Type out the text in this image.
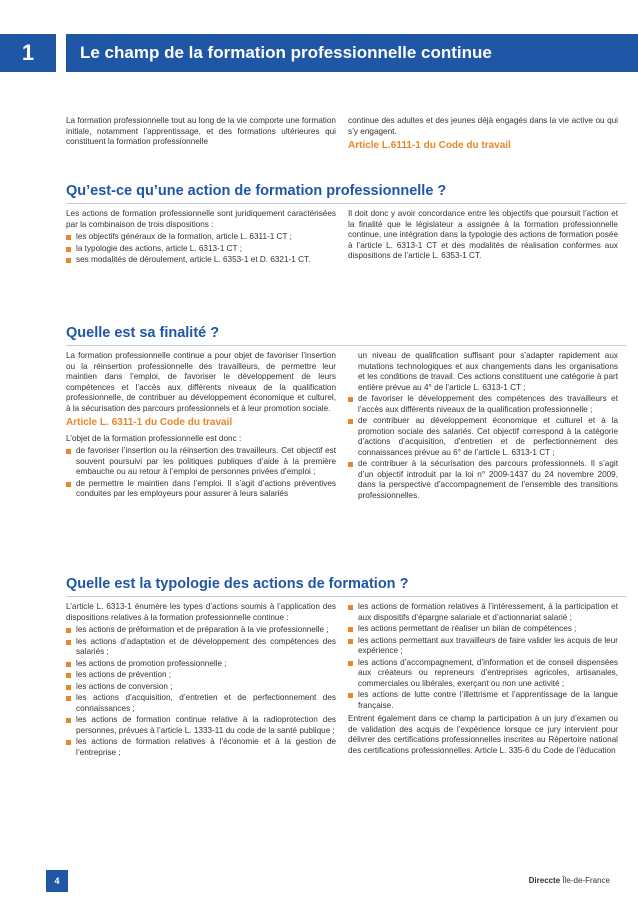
1	Le champ de la formation professionnelle continue

La formation professionnelle tout au long de la vie comporte une formation initiale, notamment l’apprentissage, et des formations ultérieures qui constituent la formation professionnelle

continue des adultes et des jeunes déjà engagés dans la vie active ou qui s’y engagent.

Article L.6111-1 du Code du travail
Qu’est-ce qu’une action de formation professionnelle ?

Les actions de formation professionnelle sont juridiquement caractérisées par la combinaison de trois dispositions :

les objectifs généraux de la formation, article L. 6311-1 CT ;
la typologie des actions, article L. 6313-1 CT ;
ses modalités de déroulement, article L. 6353-1 et D. 6321-1 CT.

Il doit donc y avoir concordance entre les objectifs que poursuit l’action et la finalité que le législateur a assignée à la formation professionnelle continue, une intégration dans la typologie des actions de formation posée à l’article L. 6313-1 CT et des modalités de réalisation conformes aux dispositions de l’article L. 6353-1 CT.

Quelle est sa finalité ?

La formation professionnelle continue a pour objet de favoriser l’insertion ou la réinsertion professionnelle des travailleurs, de permettre leur maintien dans l’emploi, de favoriser le développement de leurs compétences et l’accès aux différents niveaux de la qualification professionnelle, de contribuer au développement économique et culturel, à la sécurisation des parcours professionnels et à leur promotion sociale.

Article L. 6311-1 du Code du travail

L’objet de la formation professionnelle est donc :

de favoriser l’insertion ou la réinsertion des travailleurs. Cet objectif est souvent poursuivi par les politiques publiques d’aide à la première embauche ou au retour à l’emploi de personnes privées d’emploi ;
de permettre le maintien dans l’emploi. Il s’agit d’actions préventives conduites par les employeurs pour assurer à leurs salariés
un niveau de qualification suffisant pour s’adapter rapidement aux mutations technologiques et aux changements dans les organisations et les conditions de travail. Ces actions constituent une catégorie à part entière prévue au 4° de l’article L. 6313-1 CT ;
de favoriser le développement des compétences des travailleurs et l’accès aux différents niveaux de la qualification professionnelle ;
de contribuer au développement économique et culturel et à la promotion sociale des salariés. Cet objectif correspond à la catégorie d’actions d’acquisition, d’entretien et de perfectionnement des connaissances prévue au 6° de l’article L. 6313-1 CT ;
de contribuer à la sécurisation des parcours professionnels. Il s’agit d’un objectif introduit par la loi n° 2009-1437 du 24 novembre 2009, dans la perspective d’accompagnement de l’ensemble des transitions professionnelles.
Quelle est la typologie des actions de formation ?

L’article L. 6313-1 énumère les types d’actions soumis à l’application des dispositions relatives à la formation professionnelle continue :

les actions de préformation et de préparation à la vie professionnelle ;
les actions d’adaptation et de développement des compétences des salariés ;
les actions de promotion professionnelle ;
les actions de prévention ;
les actions de conversion ;
les actions d’acquisition, d’entretien et de perfectionnement des connaissances ;
les actions de formation continue relative à la radioprotection des personnes, prévues à l’article L. 1333-11 du code de la santé publique ;
les actions de formation relatives à l’économie et à la gestion de l’entreprise ;
les actions de formation relatives à l’intéressement, à la participation et aux dispositifs d’épargne salariale et d’actionnariat salarié ;
les actions permettant de réaliser un bilan de compétences ;
les actions permettant aux travailleurs de faire valider les acquis de leur expérience ;
les actions d’accompagnement, d’information et de conseil dispensées aux créateurs ou repreneurs d’entreprises agricoles, artisanales, commerciales ou libérales, exerçant ou non une activité ;
les actions de lutte contre l’illettrisme et l’apprentissage de la langue française.

Entrent également dans ce champ la participation à un jury d’examen ou de validation des acquis de l’expérience lorsque ce jury intervient pour délivrer des certifications professionnelles inscrites au Répertoire national des certifications professionnelles. Article L. 335-6 du Code de l’éducation

4	Direccte Île-de-France
